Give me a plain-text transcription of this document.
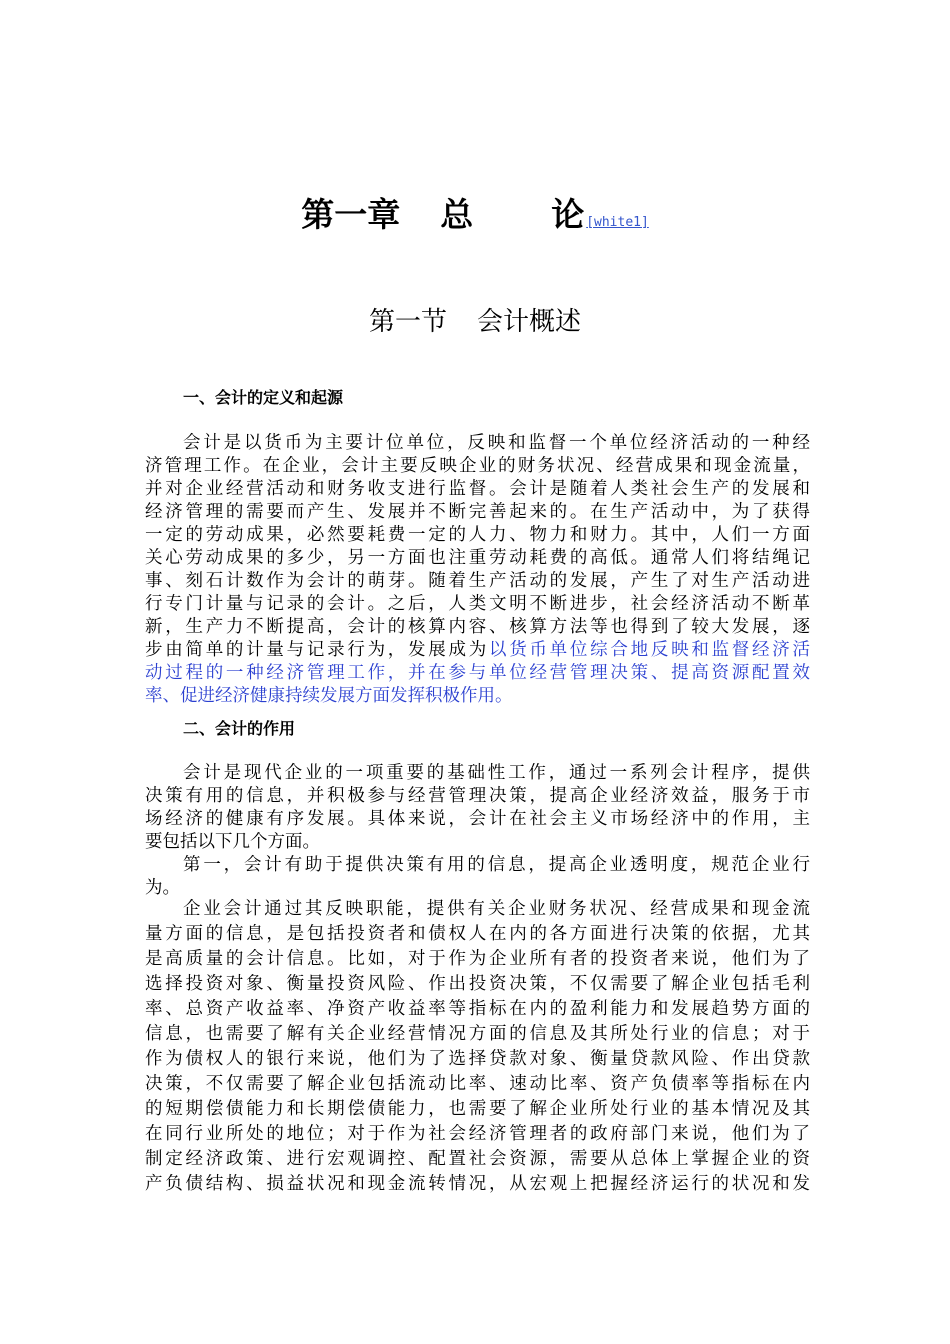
第一章 总 论 [white1]
第一节 会计概述
一、会计的定义和起源
会计是以货币为主要计位单位，反映和监督一个单位经济活动的一种经
济管理工作。在企业，会计主要反映企业的财务状况、经营成果和现金流量，
并对企业经营活动和财务收支进行监督。会计是随着人类社会生产的发展和
经济管理的需要而产生、发展并不断完善起来的。在生产活动中，为了获得
一定的劳动成果，必然要耗费一定的人力、物力和财力。其中，人们一方面
关心劳动成果的多少，另一方面也注重劳动耗费的高低。通常人们将结绳记
事、刻石计数作为会计的萌芽。随着生产活动的发展，产生了对生产活动进
行专门计量与记录的会计。之后，人类文明不断进步，社会经济活动不断革
新，生产力不断提高，会计的核算内容、核算方法等也得到了较大发展，逐
步由简单的计量与记录行为，发展成为以货币单位综合地反映和监督经济活
动过程的一种经济管理工作，并在参与单位经营管理决策、提高资源配置效
率、促进经济健康持续发展方面发挥积极作用。
二、会计的作用
会计是现代企业的一项重要的基础性工作，通过一系列会计程序，提供
决策有用的信息，并积极参与经营管理决策，提高企业经济效益，服务于市
场经济的健康有序发展。具体来说，会计在社会主义市场经济中的作用，主
要包括以下几个方面。
第一，会计有助于提供决策有用的信息，提高企业透明度，规范企业行
为。
企业会计通过其反映职能，提供有关企业财务状况、经营成果和现金流
量方面的信息，是包括投资者和债权人在内的各方面进行决策的依据，尤其
是高质量的会计信息。比如，对于作为企业所有者的投资者来说，他们为了
选择投资对象、衡量投资风险、作出投资决策，不仅需要了解企业包括毛利
率、总资产收益率、净资产收益率等指标在内的盈利能力和发展趋势方面的
信息，也需要了解有关企业经营情况方面的信息及其所处行业的信息；对于
作为债权人的银行来说，他们为了选择贷款对象、衡量贷款风险、作出贷款
决策，不仅需要了解企业包括流动比率、速动比率、资产负债率等指标在内
的短期偿债能力和长期偿债能力，也需要了解企业所处行业的基本情况及其
在同行业所处的地位；对于作为社会经济管理者的政府部门来说，他们为了
制定经济政策、进行宏观调控、配置社会资源，需要从总体上掌握企业的资
产负债结构、损益状况和现金流转情况，从宏观上把握经济运行的状况和发
